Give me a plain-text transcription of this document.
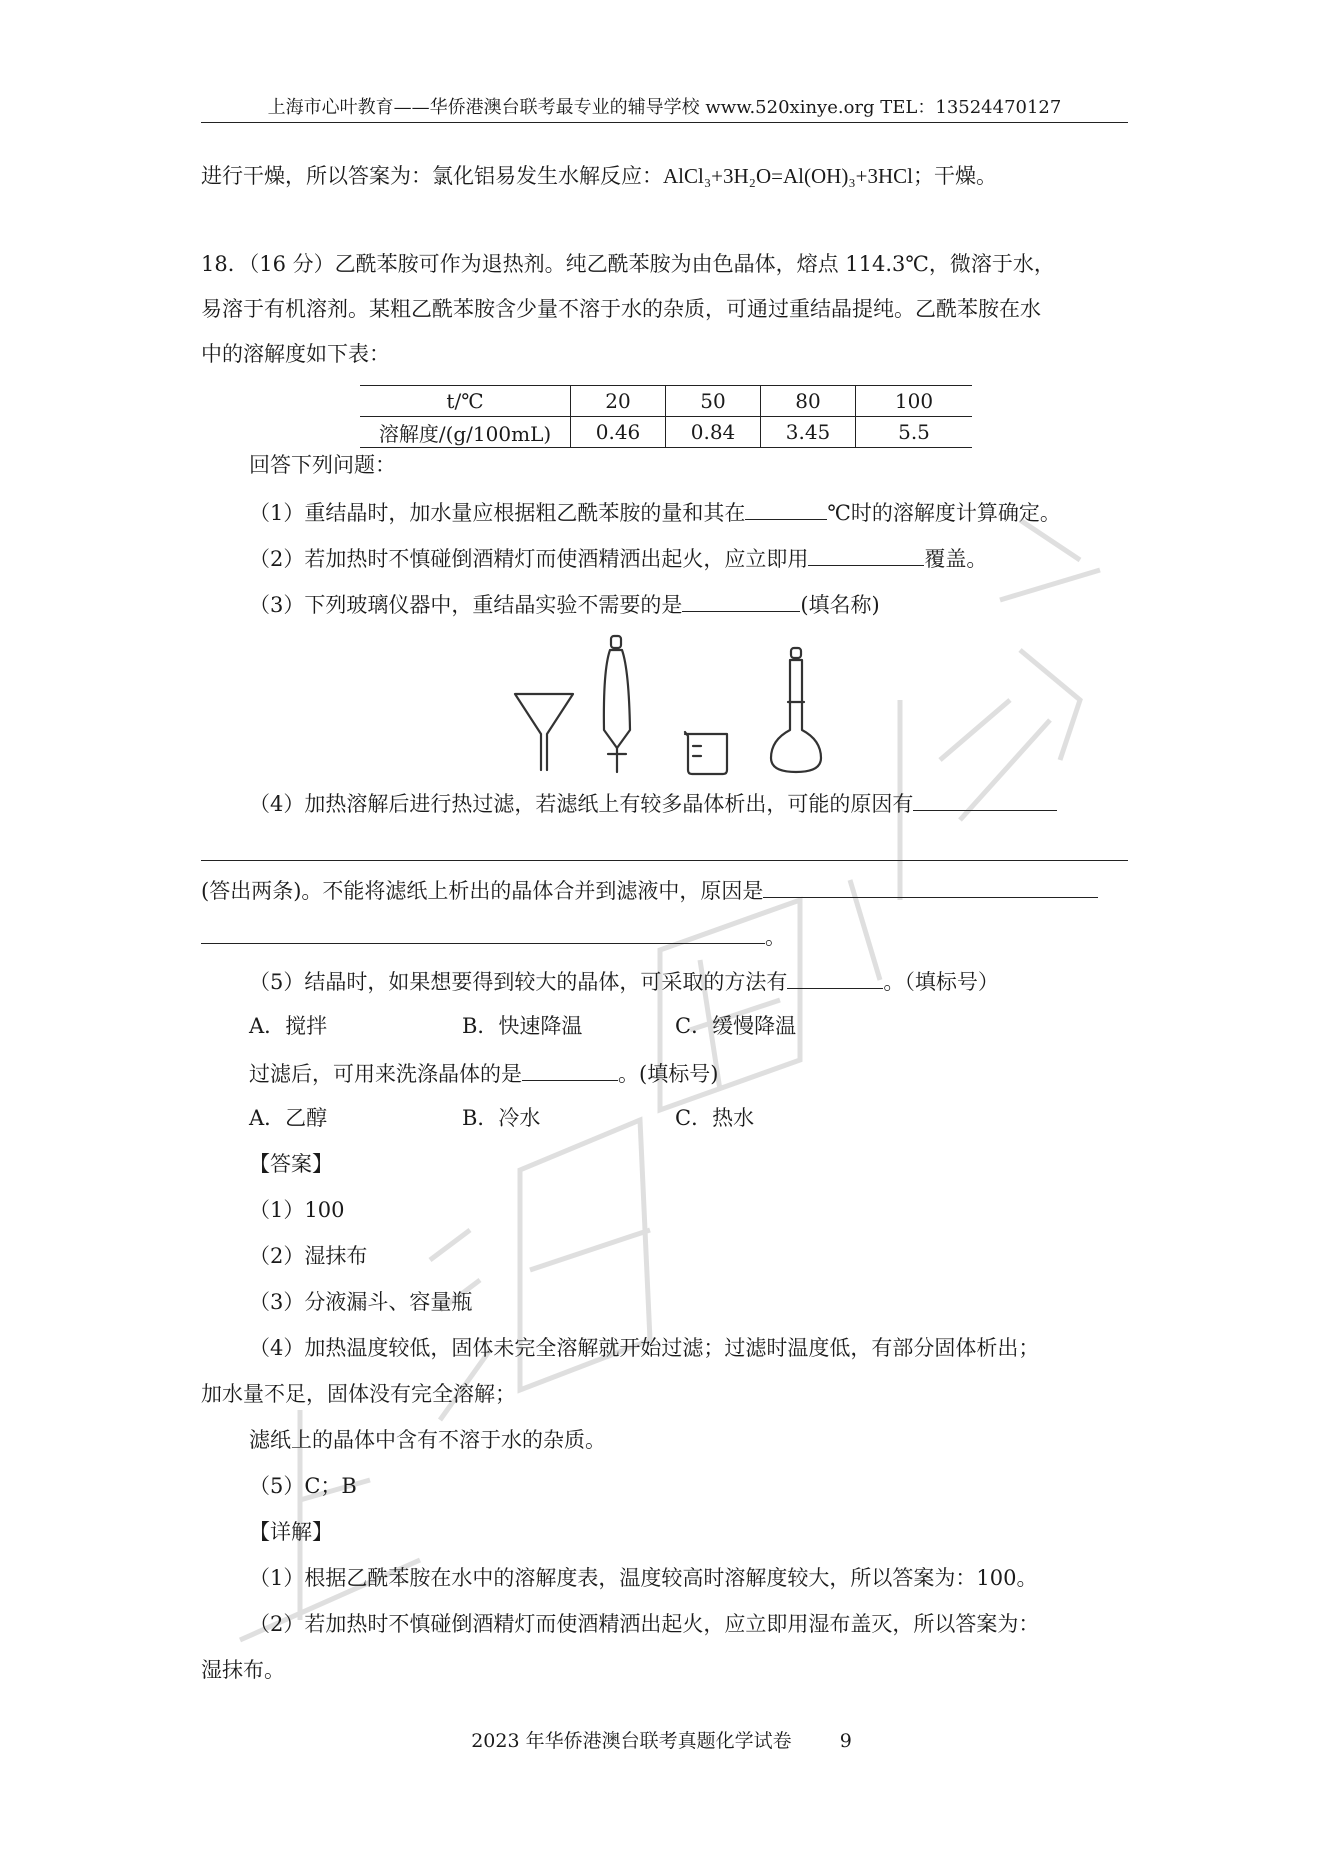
上海市心叶教育——华侨港澳台联考最专业的辅导学校 www.520xinye.org TEL：13524470127
进行干燥，所以答案为：氯化铝易发生水解反应：AlCl₃+3H₂O=Al(OH)₃+3HCl；干燥。
18．（16 分）乙酰苯胺可作为退热剂。纯乙酰苯胺为由色晶体，熔点 114.3℃，微溶于水，
易溶于有机溶剂。某粗乙酰苯胺含少量不溶于水的杂质，可通过重结晶提纯。乙酰苯胺在水
中的溶解度如下表：
t/℃	20	50	80	100
溶解度/(g/100mL)	0.46	0.84	3.45	5.5
回答下列问题：
（1）重结晶时，加水量应根据粗乙酰苯胺的量和其在	℃时的溶解度计算确定。
（2）若加热时不慎碰倒酒精灯而使酒精洒出起火，应立即用	覆盖。
（3）下列玻璃仪器中，重结晶实验不需要的是	(填名称)
（4）加热溶解后进行热过滤，若滤纸上有较多晶体析出，可能的原因有
(答出两条)。不能将滤纸上析出的晶体合并到滤液中，原因是
。
（5）结晶时，如果想要得到较大的晶体，可采取的方法有	。（填标号）
A．搅拌	B．快速降温	C．缓慢降温
过滤后，可用来洗涤晶体的是	。(填标号)
A．乙醇	B．冷水	C．热水
【答案】
（1）100
（2）湿抹布
（3）分液漏斗、容量瓶
（4）加热温度较低，固体未完全溶解就开始过滤；过滤时温度低，有部分固体析出；
加水量不足，固体没有完全溶解；
滤纸上的晶体中含有不溶于水的杂质。
（5）C；B
【详解】
（1）根据乙酰苯胺在水中的溶解度表，温度较高时溶解度较大，所以答案为：100。
（2）若加热时不慎碰倒酒精灯而使酒精洒出起火，应立即用湿布盖灭，所以答案为：
湿抹布。
2023 年华侨港澳台联考真题化学试卷	9
